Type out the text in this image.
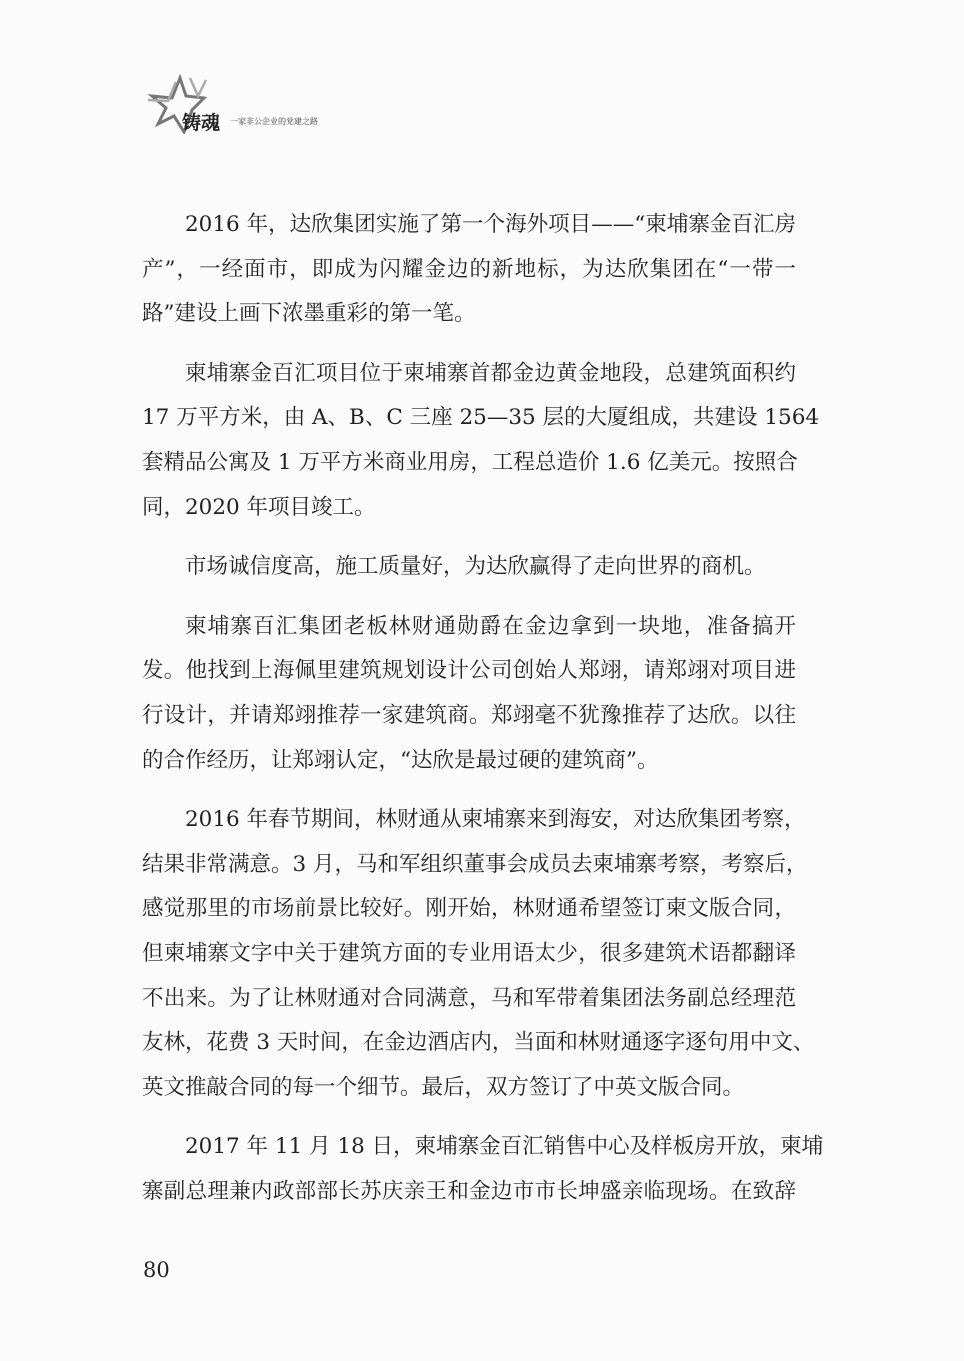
铸魂 一家非公企业的党建之路
2016 年，达欣集团实施了第一个海外项目——“柬埔寨金百汇房
产”，一经面市，即成为闪耀金边的新地标，为达欣集团在“一带一
路”建设上画下浓墨重彩的第一笔。
柬埔寨金百汇项目位于柬埔寨首都金边黄金地段，总建筑面积约
17 万平方米，由 A、B、C 三座 25—35 层的大厦组成，共建设 1564
套精品公寓及 1 万平方米商业用房，工程总造价 1.6 亿美元。按照合
同，2020 年项目竣工。
市场诚信度高，施工质量好，为达欣赢得了走向世界的商机。
柬埔寨百汇集团老板林财通勋爵在金边拿到一块地，准备搞开
发。他找到上海佩里建筑规划设计公司创始人郑翊，请郑翊对项目进
行设计，并请郑翊推荐一家建筑商。郑翊毫不犹豫推荐了达欣。以往
的合作经历，让郑翊认定，“达欣是最过硬的建筑商”。
2016 年春节期间，林财通从柬埔寨来到海安，对达欣集团考察，
结果非常满意。3 月，马和军组织董事会成员去柬埔寨考察，考察后，
感觉那里的市场前景比较好。刚开始，林财通希望签订柬文版合同，
但柬埔寨文字中关于建筑方面的专业用语太少，很多建筑术语都翻译
不出来。为了让林财通对合同满意，马和军带着集团法务副总经理范
友林，花费 3 天时间，在金边酒店内，当面和林财通逐字逐句用中文、
英文推敲合同的每一个细节。最后，双方签订了中英文版合同。
2017 年 11 月 18 日，柬埔寨金百汇销售中心及样板房开放，柬埔
寨副总理兼内政部部长苏庆亲王和金边市市长坤盛亲临现场。在致辞
80
